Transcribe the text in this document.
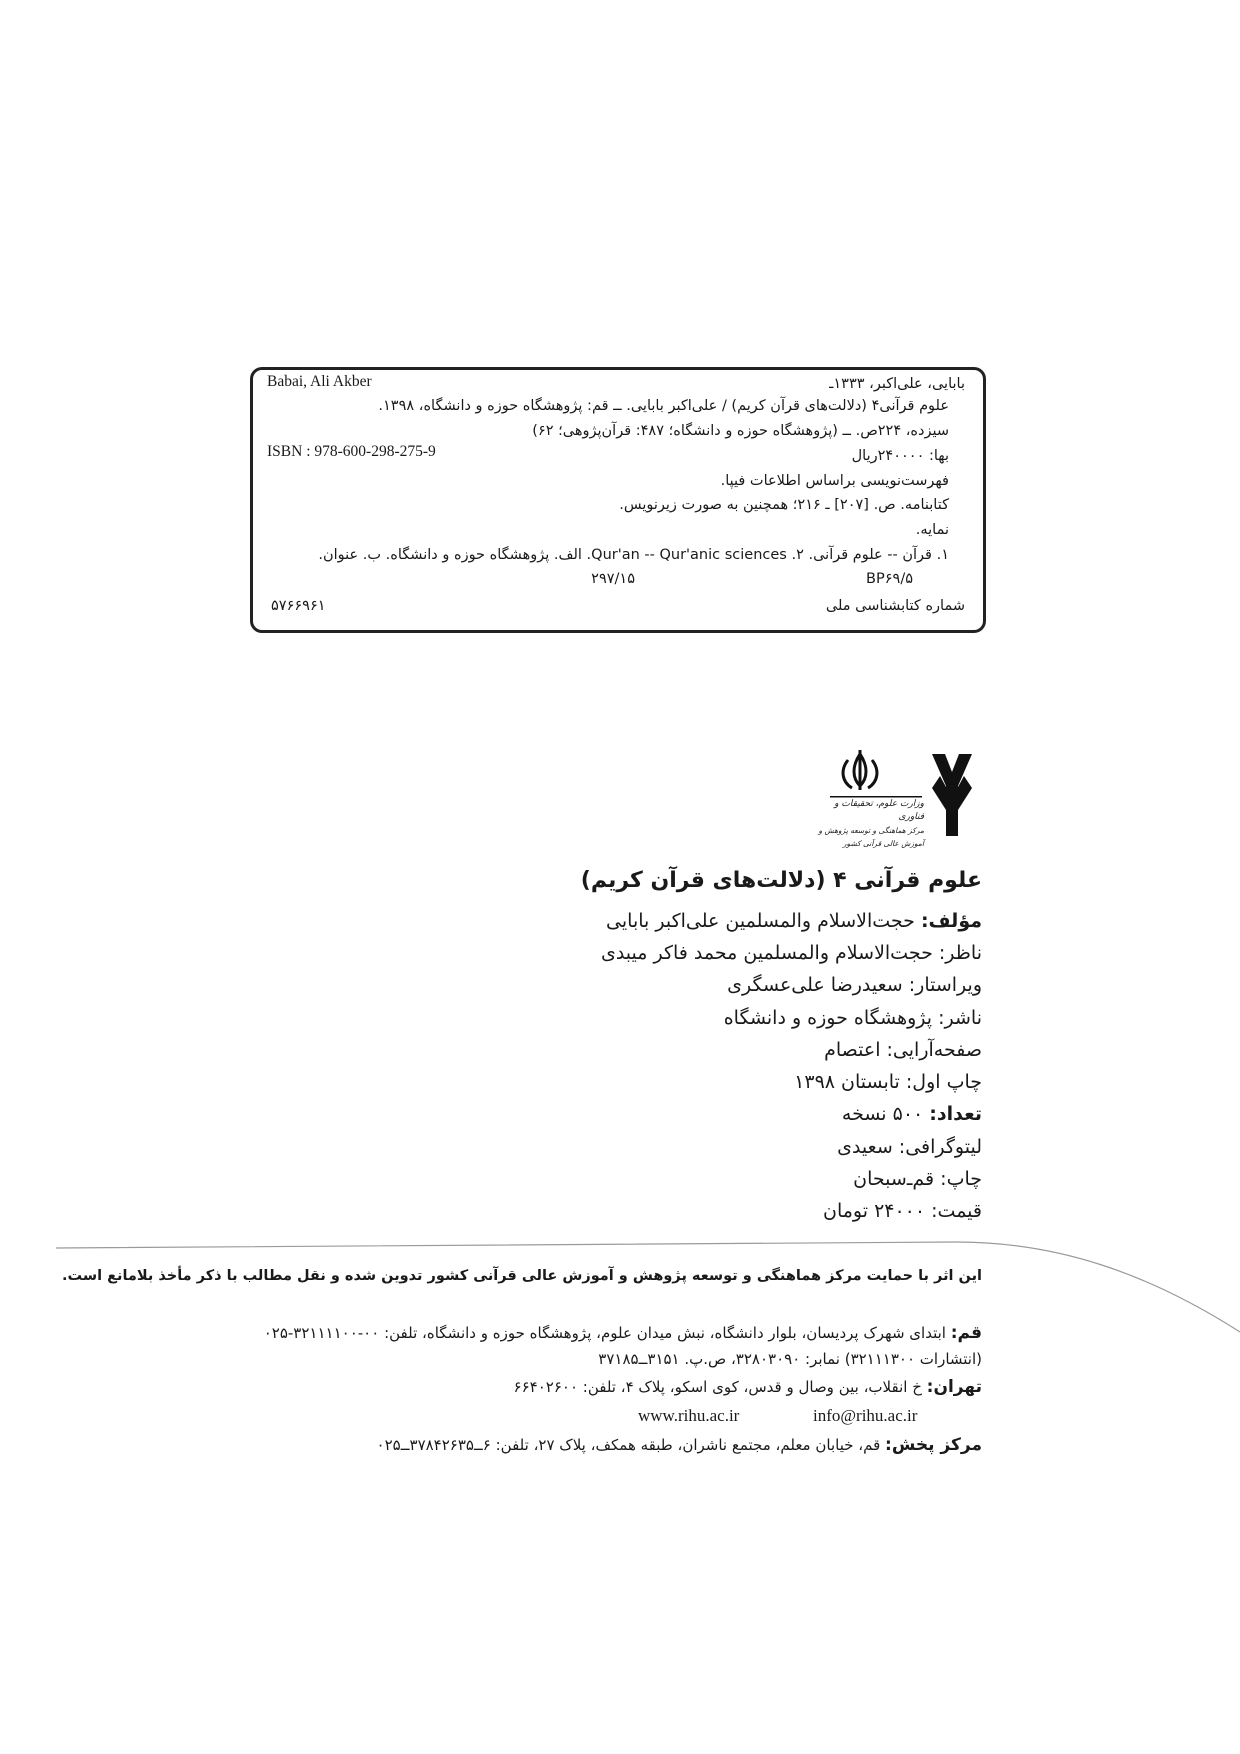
Babai, Ali Akber	بابایی، علی‌اکبر، ۱۳۳۳ـ
علوم قرآنی۴ (دلالت‌های قرآن کریم) / علی‌اکبر بابایی. ــ قم: پژوهشگاه حوزه و دانشگاه، ۱۳۹۸.
سیزده، ۲۲۴ص. ــ (پژوهشگاه حوزه و دانشگاه؛ ۴۸۷: قرآن‌پژوهی؛ ۶۲)
ISBN : 978-600-298-275-9	بها: ۲۴۰۰۰۰ریال
فهرست‌نویسی براساس اطلاعات فیپا.
کتابنامه. ص. [۲۰۷] ـ ۲۱۶؛ همچنین به صورت زیرنویس.
نمایه.
۱. قرآن -- علوم قرآنی. ۲. Qur'an -- Qur'anic sciences. الف. پژوهشگاه حوزه و دانشگاه. ب. عنوان.
BP۶۹/۵
۲۹۷/۱۵
شماره کتابشناسی ملی
۵۷۶۶۹۶۱
وزارت علوم، تحقیقات و فناوری
مرکز هماهنگی و توسعه پژوهش و آموزش عالی قرآنی کشور
علوم قرآنی ۴ (دلالت‌های قرآن کریم)
مؤلف: حجت‌الاسلام والمسلمین علی‌اکبر بابایی
ناظر: حجت‌الاسلام والمسلمین محمد فاکر میبدی
ویراستار: سعیدرضا علی‌عسگری
ناشر: پژوهشگاه حوزه و دانشگاه
صفحه‌آرایی: اعتصام
چاپ اول: تابستان ۱۳۹۸
تعداد: ۵۰۰ نسخه
لیتوگرافی: سعیدی
چاپ: قم‌ـ‌سبحان
قیمت: ۲۴۰۰۰ تومان
این اثر با حمایت مرکز هماهنگی و توسعه پژوهش و آموزش عالی قرآنی کشور تدوین شده و نقل مطالب با ذکر مأخذ بلامانع است.
قم: ابتدای شهرک پردیسان، بلوار دانشگاه، نبش میدان علوم، پژوهشگاه حوزه و دانشگاه، تلفن: ۰۰-۳۲۱۱۱۱۰۰-۰۲۵
(انتشارات ۳۲۱۱۱۳۰۰) نمابر: ۳۲۸۰۳۰۹۰، ص.پ. ۳۱۵۱ــ۳۷۱۸۵
تهران: خ انقلاب، بین وصال و قدس، کوی اسکو، پلاک ۴، تلفن: ۶۶۴۰۲۶۰۰
www.rihu.ac.ir	info@rihu.ac.ir
مرکز پخش: قم، خیابان معلم، مجتمع ناشران، طبقه همکف، پلاک ۲۷، تلفن: ۶ــ۳۷۸۴۲۶۳۵ــ۰۲۵
